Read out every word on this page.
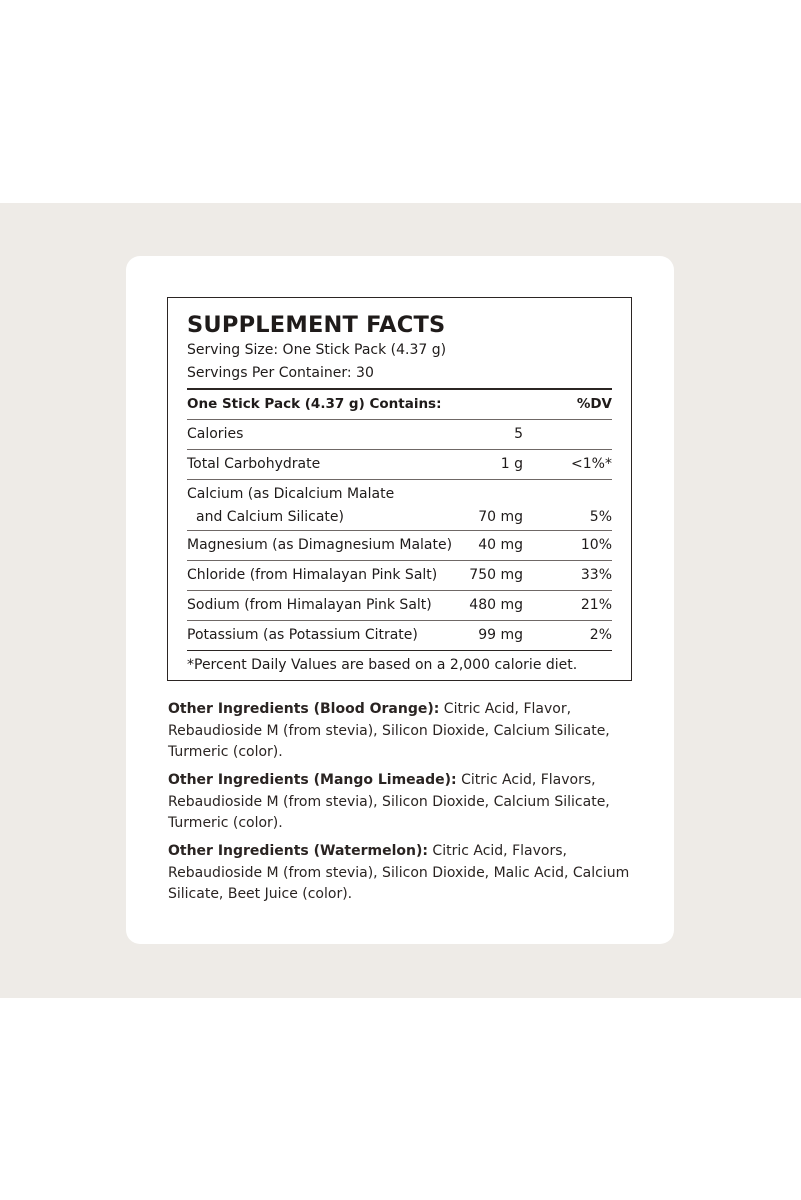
SUPPLEMENT FACTS
Serving Size: One Stick Pack (4.37 g)
Servings Per Container: 30
One Stick Pack (4.37 g) Contains:	%DV
Calories	5
Total Carbohydrate	1 g	<1%*
Calcium (as Dicalcium Malate
and Calcium Silicate)	70 mg	5%
Magnesium (as Dimagnesium Malate) 40 mg	10%
Chloride (from Himalayan Pink Salt) 750 mg	33%
Sodium (from Himalayan Pink Salt)	480 mg	21%
Potassium (as Potassium Citrate)	99 mg	2%
*Percent Daily Values are based on a 2,000 calorie diet.

Other Ingredients (Blood Orange): Citric Acid, Flavor, Rebaudioside M (from stevia), Silicon Dioxide, Calcium Silicate, Turmeric (color).

Other Ingredients (Mango Limeade): Citric Acid, Flavors, Rebaudioside M (from stevia), Silicon Dioxide, Calcium Silicate, Turmeric (color).

Other Ingredients (Watermelon): Citric Acid, Flavors, Rebaudioside M (from stevia), Silicon Dioxide, Malic Acid, Calcium Silicate, Beet Juice (color).
